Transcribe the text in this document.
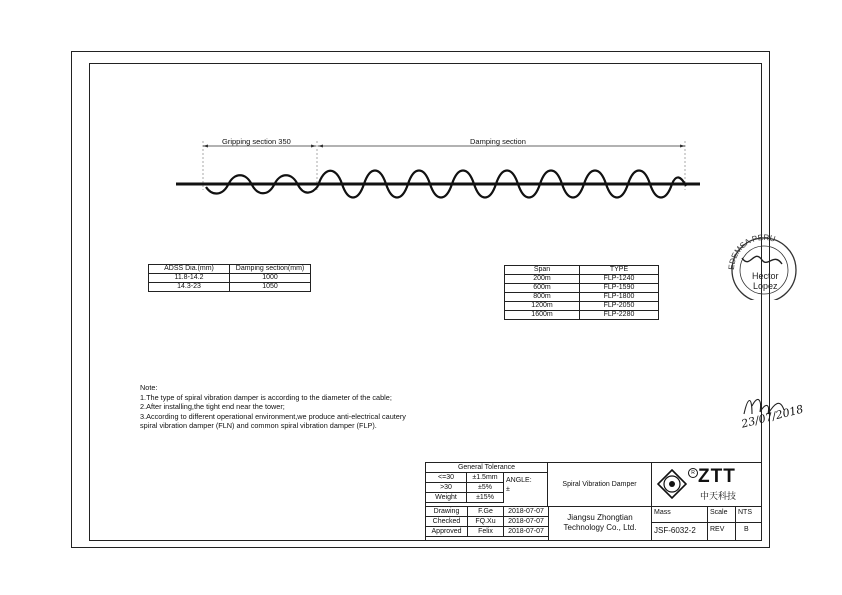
Gripping section 350	Damping section
ADSS Dia.(mm)	Damping section(mm)
11.8-14.2	1000
14.3-23	1050
Span	TYPE
200m	FLP-1240
600m	FLP-1590
800m	FLP-1800
1200m	FLP-2050
1600m	FLP-2280
Note:
1.The type of spiral vibration damper is according to the diameter of the cable;
2.After installing,the tight end near the tower;
3.According to different operational environment,we produce anti-electrical cautery
spiral vibration damper (FLN) and common spiral vibration damper (FLP).
General Tolerance
<=30	±1.5mm
>30	±5%
Weight	±15%
ANGLE:
±
Spiral Vibration Damper
R ZTT
中天科技
Drawing	F.Ge	2018-07-07
Checked	FQ.Xu	2018-07-07
Approved	Felix	2018-07-07
Jiangsu Zhongtian
Technology Co., Ltd.
Mass	Scale	NTS
JSF-6032-2	REV	B
EDEMSA PERU
Hector
Lopez
23/07/2018
